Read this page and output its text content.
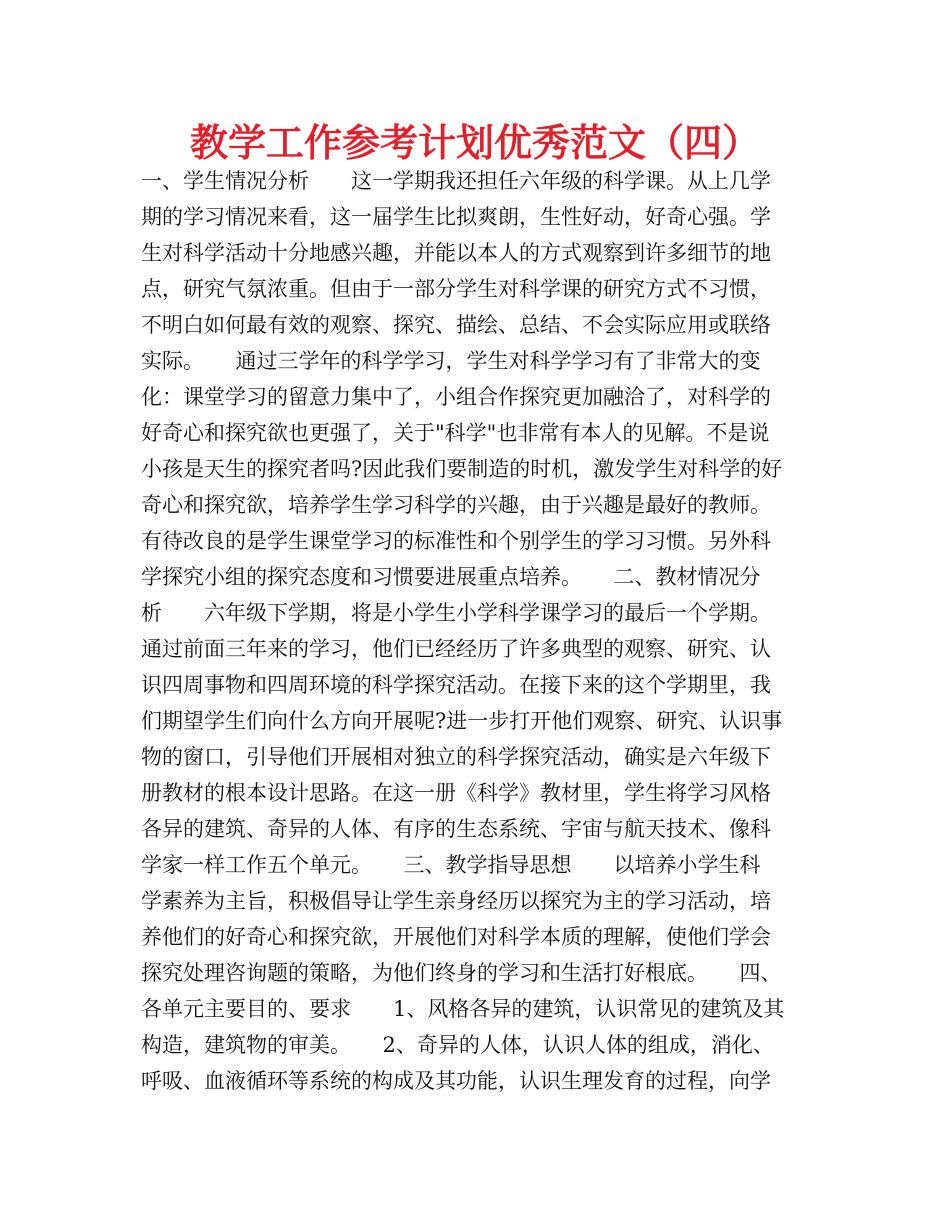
教学工作参考计划优秀范文（四）
一、学生情况分析　　这一学期我还担任六年级的科学课。从上几学
期的学习情况来看，这一届学生比拟爽朗，生性好动，好奇心强。学
生对科学活动十分地感兴趣，并能以本人的方式观察到许多细节的地
点，研究气氛浓重。但由于一部分学生对科学课的研究方式不习惯，
不明白如何最有效的观察、探究、描绘、总结、不会实际应用或联络
实际。　　通过三学年的科学学习，学生对科学学习有了非常大的变
化：课堂学习的留意力集中了，小组合作探究更加融洽了，对科学的
好奇心和探究欲也更强了，关于"科学"也非常有本人的见解。不是说
小孩是天生的探究者吗?因此我们要制造的时机，激发学生对科学的好
奇心和探究欲，培养学生学习科学的兴趣，由于兴趣是最好的教师。
有待改良的是学生课堂学习的标准性和个别学生的学习习惯。另外科
学探究小组的探究态度和习惯要进展重点培养。　　二、教材情况分
析　　六年级下学期，将是小学生小学科学课学习的最后一个学期。
通过前面三年来的学习，他们已经经历了许多典型的观察、研究、认
识四周事物和四周环境的科学探究活动。在接下来的这个学期里，我
们期望学生们向什么方向开展呢?进一步打开他们观察、研究、认识事
物的窗口，引导他们开展相对独立的科学探究活动，确实是六年级下
册教材的根本设计思路。在这一册《科学》教材里，学生将学习风格
各异的建筑、奇异的人体、有序的生态系统、宇宙与航天技术、像科
学家一样工作五个单元。　　三、教学指导思想　　以培养小学生科
学素养为主旨，积极倡导让学生亲身经历以探究为主的学习活动，培
养他们的好奇心和探究欲，开展他们对科学本质的理解，使他们学会
探究处理咨询题的策略，为他们终身的学习和生活打好根底。　　四、
各单元主要目的、要求　　1、风格各异的建筑，认识常见的建筑及其
构造，建筑物的审美。　　2、奇异的人体，认识人体的组成，消化、
呼吸、血液循环等系统的构成及其功能，认识生理发育的过程，向学
